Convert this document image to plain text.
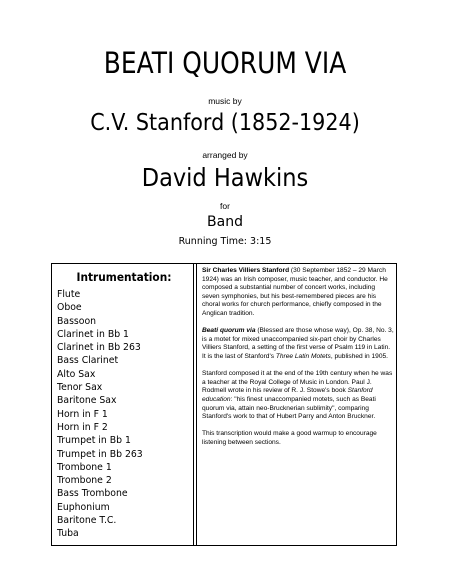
BEATI QUORUM VIA
music by
C.V. Stanford (1852-1924)
arranged by
David Hawkins
for
Band
Running Time: 3:15
Intrumentation:
Flute
Oboe
Bassoon
Clarinet in Bb 1
Clarinet in Bb 263
Bass Clarinet
Alto Sax
Tenor Sax
Baritone Sax
Horn in F 1
Horn in F 2
Trumpet in Bb 1
Trumpet in Bb 263
Trombone 1
Trombone 2
Bass Trombone
Euphonium
Baritone T.C.
Tuba

Sir Charles Villiers Stanford (30 September 1852 – 29 March 1924) was an Irish composer, music teacher, and conductor. He composed a substantial number of concert works, including seven symphonies, but his best-remembered pieces are his choral works for church performance, chiefly composed in the Anglican tradition.

Beati quorum via (Blessed are those whose way), Op. 38, No. 3, is a motet for mixed unaccompanied six-part choir by Charles Villiers Stanford, a setting of the first verse of Psalm 119 in Latin. It is the last of Stanford's Three Latin Motets, published in 1905.

Stanford composed it at the end of the 19th century when he was a teacher at the Royal College of Music in London. Paul J. Rodmell wrote in his review of R. J. Stowe's book Stanford education: "his finest unaccompanied motets, such as Beati quorum via, attain neo-Brucknerian sublimity", comparing Stanford's work to that of Hubert Parry and Anton Bruckner.

This transcription would make a good warmup to encourage listening between sections.
